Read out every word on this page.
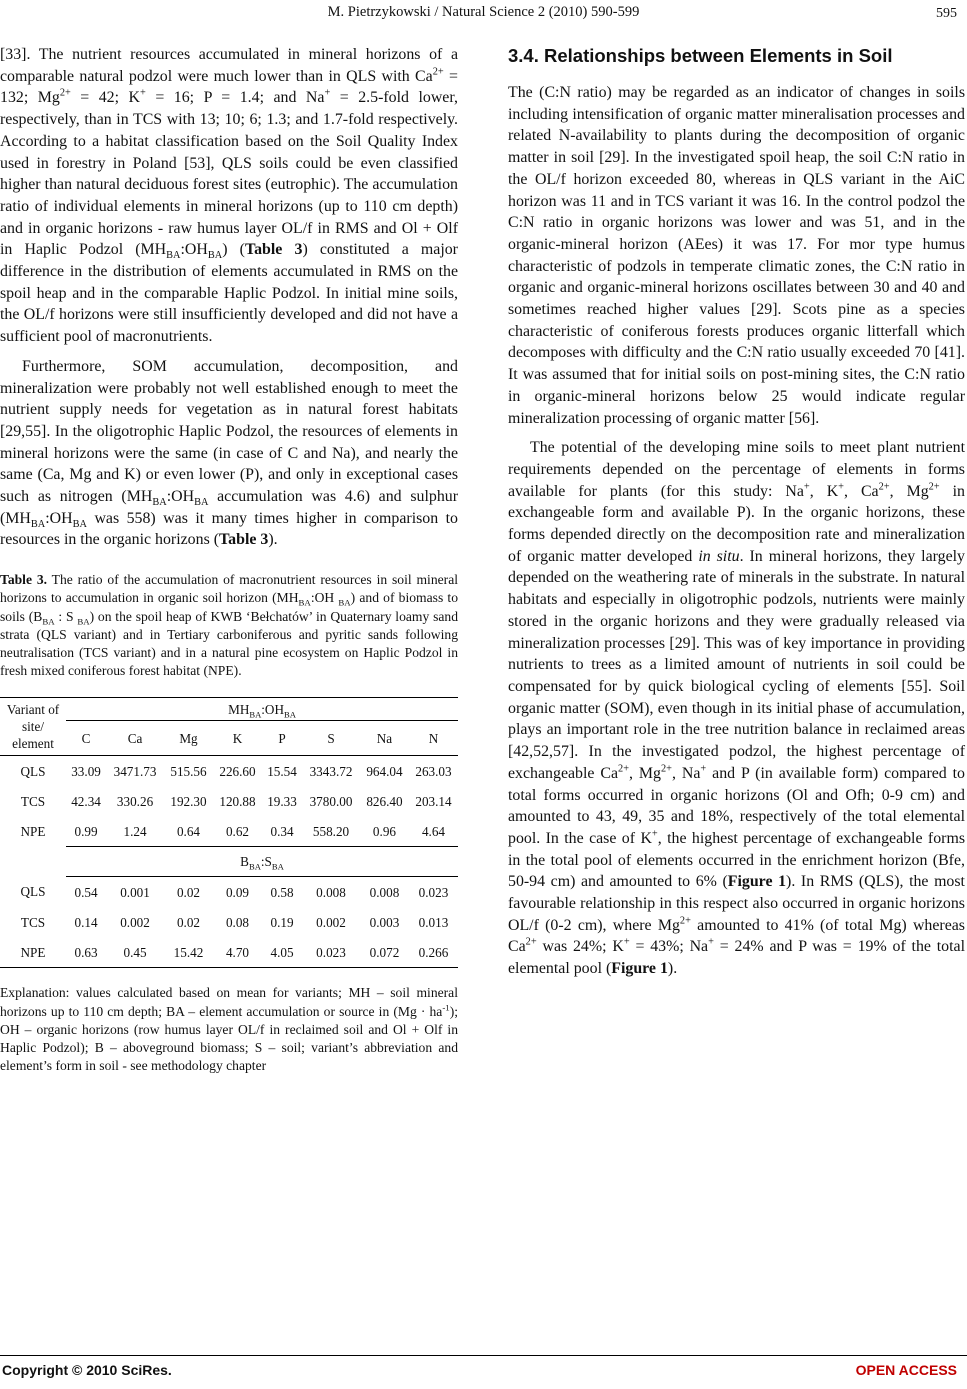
M. Pietrzykowski / Natural Science 2 (2010) 590-599	595

[33]. The nutrient resources accumulated in mineral horizons of a comparable natural podzol were much lower than in QLS with $Ca^{2+} = 132$; $Mg^{2+} = 42$; K+ = 16; P = 1.4; and Na+ = 2.5-fold lower, respectively, than in TCS with 13; 10; 6; 1.3; and 1.7-fold respectively. According to a habitat classification based on the Soil Quality Index used in forestry in Poland [53], QLS soils could be even classified higher than natural deciduous forest sites (eutrophic). The accumulation ratio of individual elements in mineral horizons (up to 110 cm depth) and in organic horizons - raw humus layer OL/f in RMS and Ol + Olf in Haplic Podzol $(MH_{BA}:OH_{BA})$ (Table 3) constituted a major difference in the distribution of elements accumulated in RMS on the spoil heap and in the comparable Haplic Podzol. In initial mine soils, the OL/f horizons were still insufficiently developed and did not have a sufficient pool of macronutrients.

Furthermore, SOM accumulation, decomposition, and mineralization were probably not well established enough to meet the nutrient supply needs for vegetation as in natural forest habitats [29,55]. In the oligotrophic Haplic Podzol, the resources of elements in mineral horizons were the same (in case of C and Na), and nearly the same (Ca, Mg and K) or even lower (P), and only in exceptional cases such as nitrogen ($MH_{BA}:OH_{BA}$ accumulation was 4.6) and sulphur ($MH_{BA}:OH_{BA}$ was 558) was it many times higher in comparison to resources in the organic horizons (Table 3).

Table 3. The ratio of the accumulation of macronutrient resources in soil mineral horizons to accumulation in organic soil horizon ($MH_{BA}:OH$ $_{BA}$) and of biomass to soils ($B_{BA}$ : S $_{BA}$) on the spoil heap of KWB ‘Bełchatów’ in Quaternary loamy sand strata (QLS variant) and in Tertiary carboniferous and pyritic sands following neutralisation (TCS variant) and in a natural pine ecosystem on Haplic Podzol in fresh mixed coniferous forest habitat (NPE).
Variant of site/ element	$MH_{BA}:OH_{BA}$
	C	Ca	Mg	K	P	S	Na	N
QLS	33.09	3471.73	515.56	226.60	15.54	3343.72	964.04	263.03
TCS	42.34	330.26	192.30	120.88	19.33	3780.00	826.40	203.14
NPE	0.99	1.24	0.64	0.62	0.34	558.20	0.96	4.64
	$B_{BA}:S_{BA}$
QLS	0.54	0.001	0.02	0.09	0.58	0.008	0.008	0.023
TCS	0.14	0.002	0.02	0.08	0.19	0.002	0.003	0.013
NPE	0.63	0.45	15.42	4.70	4.05	0.023	0.072	0.266
Explanation: values calculated based on mean for variants; MH – soil mineral horizons up to 110 cm depth; BA – element accumulation or source in $(Mg \cdot ha^{-1})$; OH – organic horizons (row humus layer OL/f in reclaimed soil and Ol + Olf in Haplic Podzol); B – aboveground biomass; S – soil; variant’s abbreviation and element’s form in soil - see methodology chapter
3.4. Relationships between Elements in Soil

The (C:N ratio) may be regarded as an indicator of changes in soils including intensification of organic matter mineralisation processes and related N-availability to plants during the decomposition of organic matter in soil [29]. In the investigated spoil heap, the soil C:N ratio in the OL/f horizon exceeded 80, whereas in QLS variant in the AiC horizon was 11 and in TCS variant it was 16. In the control podzol the C:N ratio in organic horizons was lower and was 51, and in the organic-mineral horizon (AEes) it was 17. For mor type humus characteristic of podzols in temperate climatic zones, the C:N ratio in organic and organic-mineral horizons oscillates between 30 and 40 and sometimes reached higher values [29]. Scots pine as a species characteristic of coniferous forests produces organic litterfall which decomposes with difficulty and the C:N ratio usually exceeded 70 [41]. It was assumed that for initial soils on post-mining sites, the C:N ratio in organic-mineral horizons below 25 would indicate regular mineralization processing of organic matter [56].

The potential of the developing mine soils to meet plant nutrient requirements depended on the percentage of elements in forms available for plants (for this study: Na+, K+, $Ca^{2+}$, $Mg^{2+}$ in exchangeable form and available P). In the organic horizons, these forms depended directly on the decomposition rate and mineralization of organic matter developed in situ. In mineral horizons, they largely depended on the weathering rate of minerals in the substrate. In natural habitats and especially in oligotrophic podzols, nutrients were mainly stored in the organic horizons and they were gradually released via mineralization processes [29]. This was of key importance in providing nutrients to trees as a limited amount of nutrients in soil could be compensated for by quick biological cycling of elements [55]. Soil organic matter (SOM), even though in its initial phase of accumulation, plays an important role in the tree nutrition balance in reclaimed areas [42,52,57]. In the investigated podzol, the highest percentage of exchangeable $Ca^{2+}$, $Mg^{2+}$, Na+ and P (in available form) compared to total forms occurred in organic horizons (Ol and Ofh; 0-9 cm) and amounted to 43, 49, 35 and 18%, respectively of the total elemental pool. In the case of K+, the highest percentage of exchangeable forms in the total pool of elements occurred in the enrichment horizon (Bfe, 50-94 cm) and amounted to 6% (Figure 1). In RMS (QLS), the most favourable relationship in this respect also occurred in organic horizons OL/f (0-2 cm), where $Mg^{2+}$ amounted to 41% (of total Mg) whereas $Ca^{2+}$ was 24%; K+ = 43%; Na+ = 24% and P was = 19% of the total elemental pool (Figure 1).

Copyright © 2010 SciRes.	OPEN ACCESS
